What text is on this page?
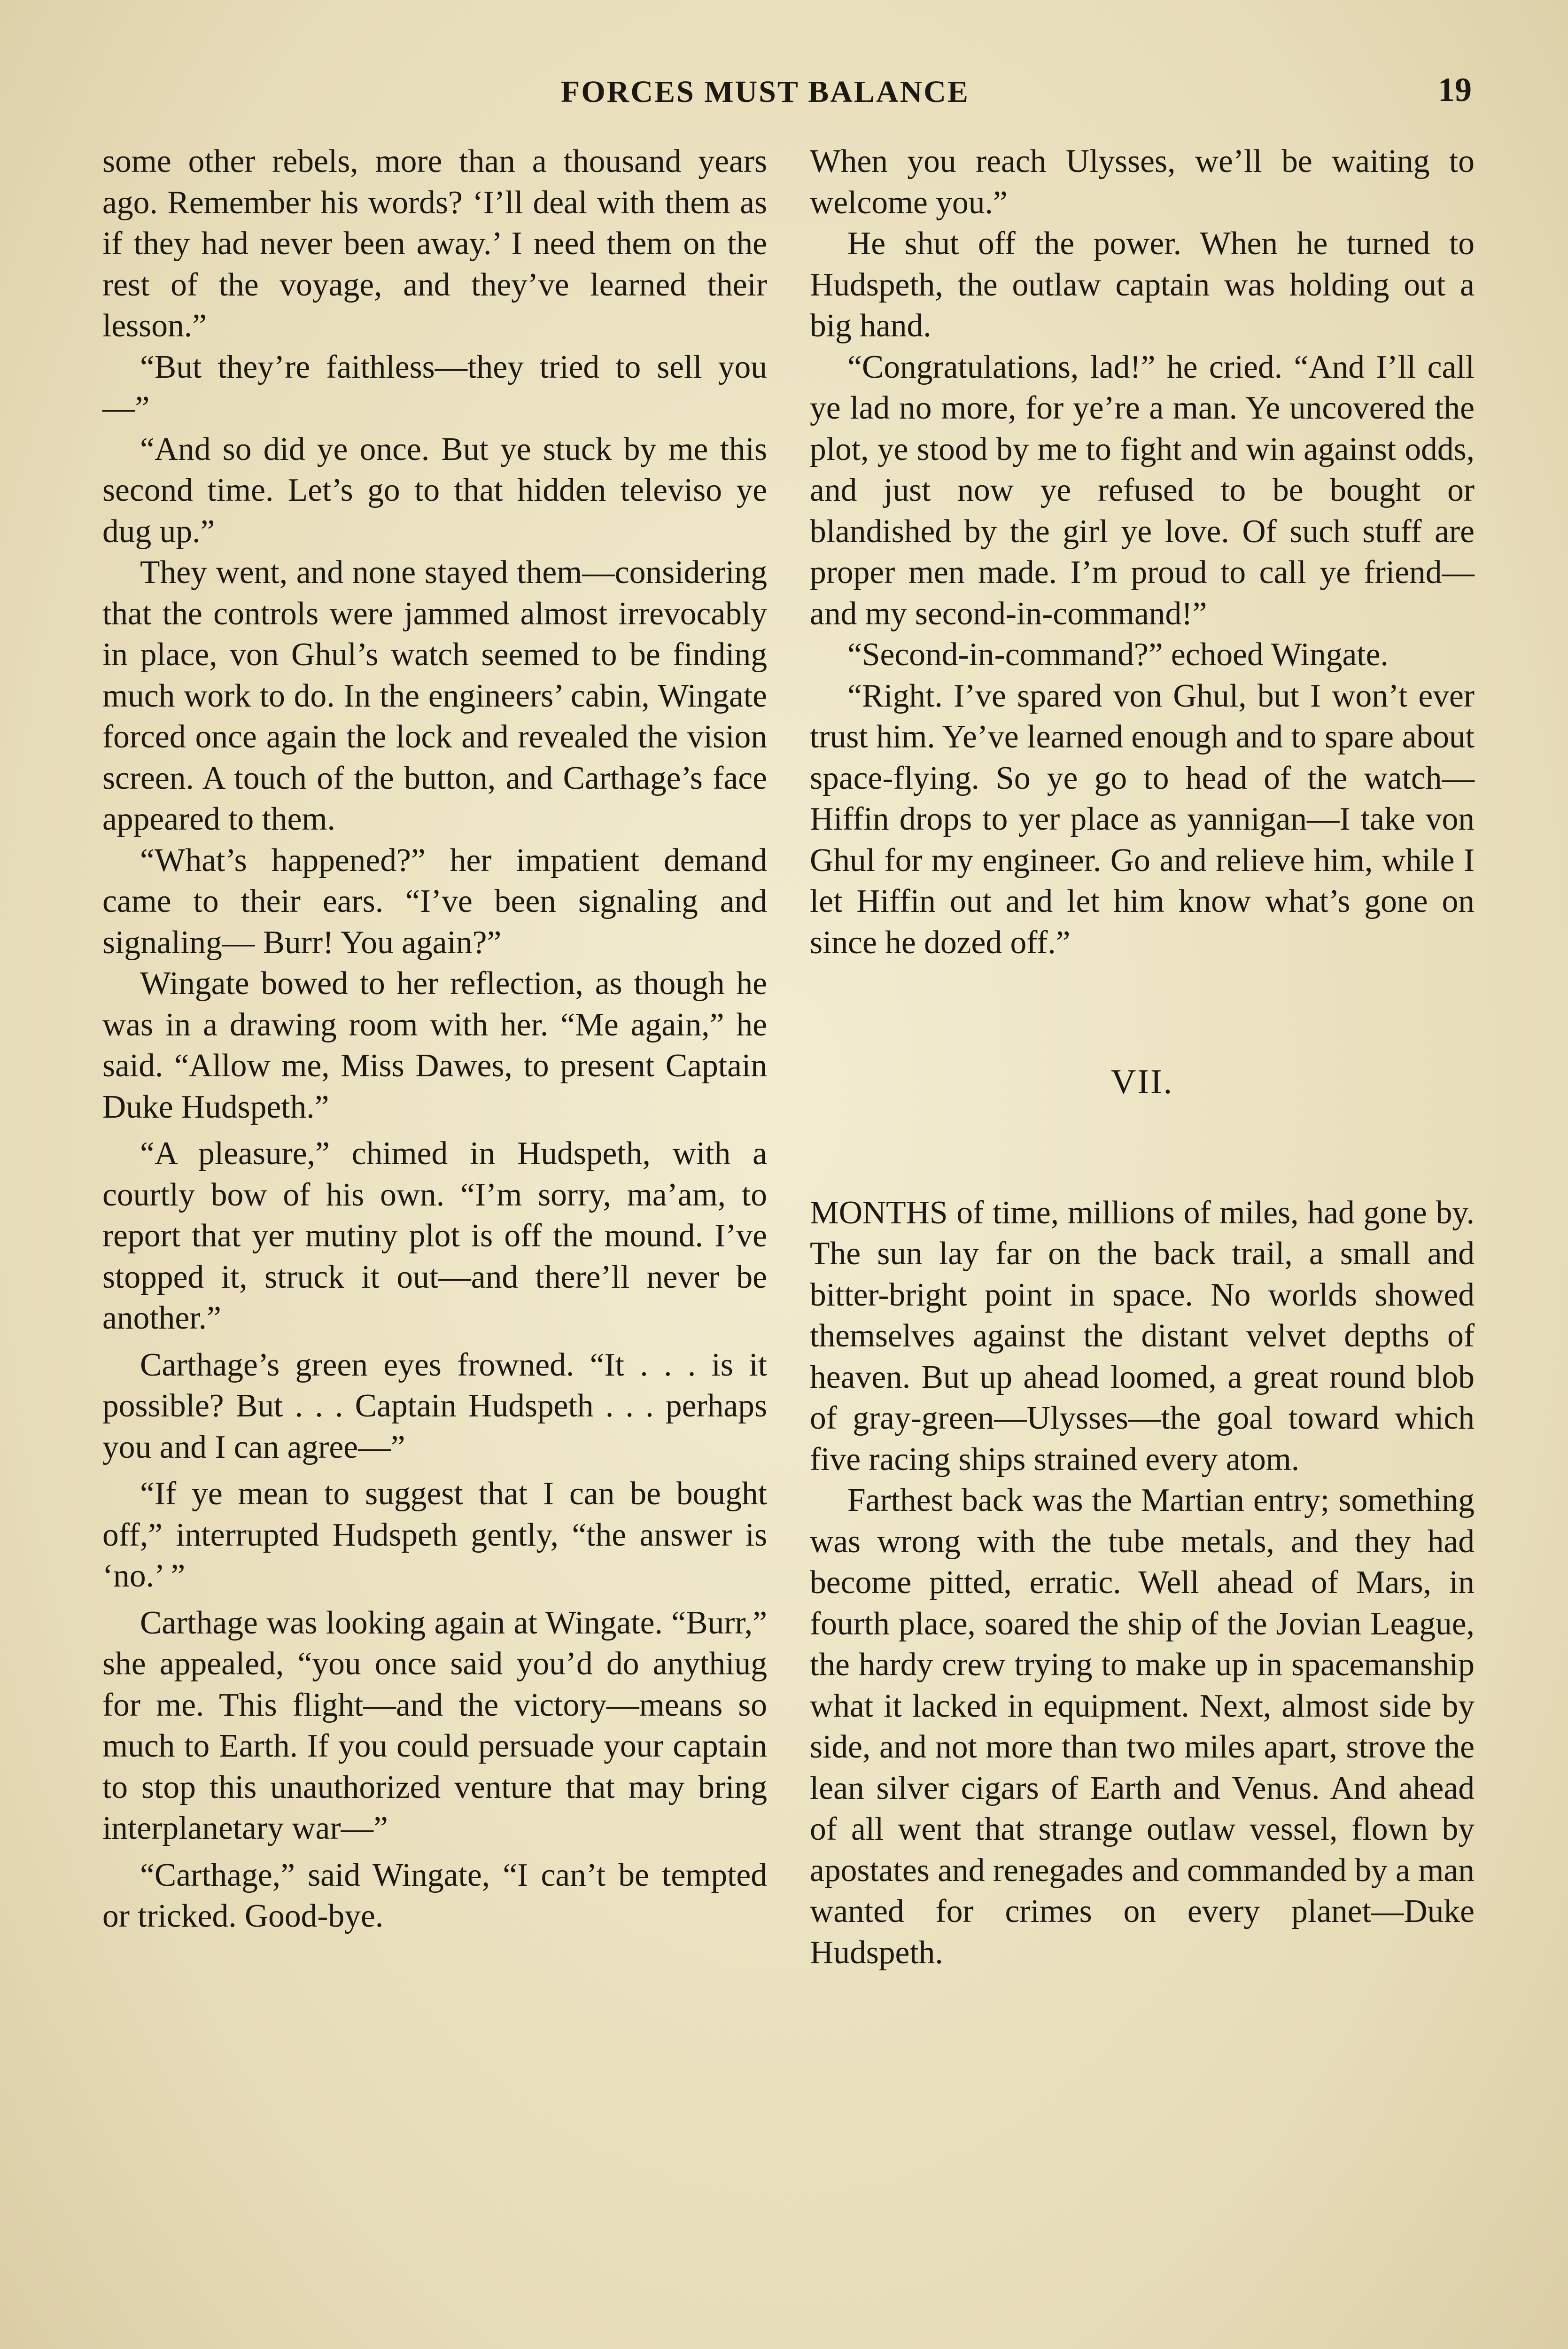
FORCES MUST BALANCE	19

some other rebels, more than a thousand years ago. Remember his words? ‘I’ll deal with them as if they had never been away.’ I need them on the rest of the voyage, and they’ve learned their lesson.”

“But they’re faithless—they tried to sell you—”

“And so did ye once. But ye stuck by me this second time. Let’s go to that hidden televiso ye dug up.”

They went, and none stayed them—considering that the controls were jammed almost irrevocably in place, von Ghul’s watch seemed to be finding much work to do. In the engineers’ cabin, Wingate forced once again the lock and revealed the vision screen. A touch of the button, and Carthage’s face appeared to them.

“What’s happened?” her impatient demand came to their ears. “I’ve been signaling and signaling— Burr! You again?”

Wingate bowed to her reflection, as though he was in a drawing room with her. “Me again,” he said. “Allow me, Miss Dawes, to present Captain Duke Hudspeth.”

“A pleasure,” chimed in Hudspeth, with a courtly bow of his own. “I’m sorry, ma’am, to report that yer mutiny plot is off the mound. I’ve stopped it, struck it out—and there’ll never be another.”

Carthage’s green eyes frowned. “It . . . is it possible? But . . . Captain Hudspeth . . . perhaps you and I can agree—”

“If ye mean to suggest that I can be bought off,” interrupted Hudspeth gently, “the answer is ‘no.’ ”

Carthage was looking again at Wingate. “Burr,” she appealed, “you once said you’d do anythiug for me. This flight—and the victory—means so much to Earth. If you could persuade your captain to stop this unauthorized venture that may bring interplanetary war—”

“Carthage,” said Wingate, “I can’t be tempted or tricked. Good-bye.

When you reach Ulysses, we’ll be waiting to welcome you.”

He shut off the power. When he turned to Hudspeth, the outlaw captain was holding out a big hand.

“Congratulations, lad!” he cried. “And I’ll call ye lad no more, for ye’re a man. Ye uncovered the plot, ye stood by me to fight and win against odds, and just now ye refused to be bought or blandished by the girl ye love. Of such stuff are proper men made. I’m proud to call ye friend—and my second-in-command!”

“Second-in-command?” echoed Wingate.

“Right. I’ve spared von Ghul, but I won’t ever trust him. Ye’ve learned enough and to spare about space-flying. So ye go to head of the watch—Hiffin drops to yer place as yannigan—I take von Ghul for my engineer. Go and relieve him, while I let Hiffin out and let him know what’s gone on since he dozed off.”

VII.

MONTHS of time, millions of miles, had gone by. The sun lay far on the back trail, a small and bitter-bright point in space. No worlds showed themselves against the distant velvet depths of heaven. But up ahead loomed, a great round blob of gray-green—Ulysses—the goal toward which five racing ships strained every atom.

Farthest back was the Martian entry; something was wrong with the tube metals, and they had become pitted, erratic. Well ahead of Mars, in fourth place, soared the ship of the Jovian League, the hardy crew trying to make up in spacemanship what it lacked in equipment. Next, almost side by side, and not more than two miles apart, strove the lean silver cigars of Earth and Venus. And ahead of all went that strange outlaw vessel, flown by apostates and renegades and commanded by a man wanted for crimes on every planet—Duke Hudspeth.
